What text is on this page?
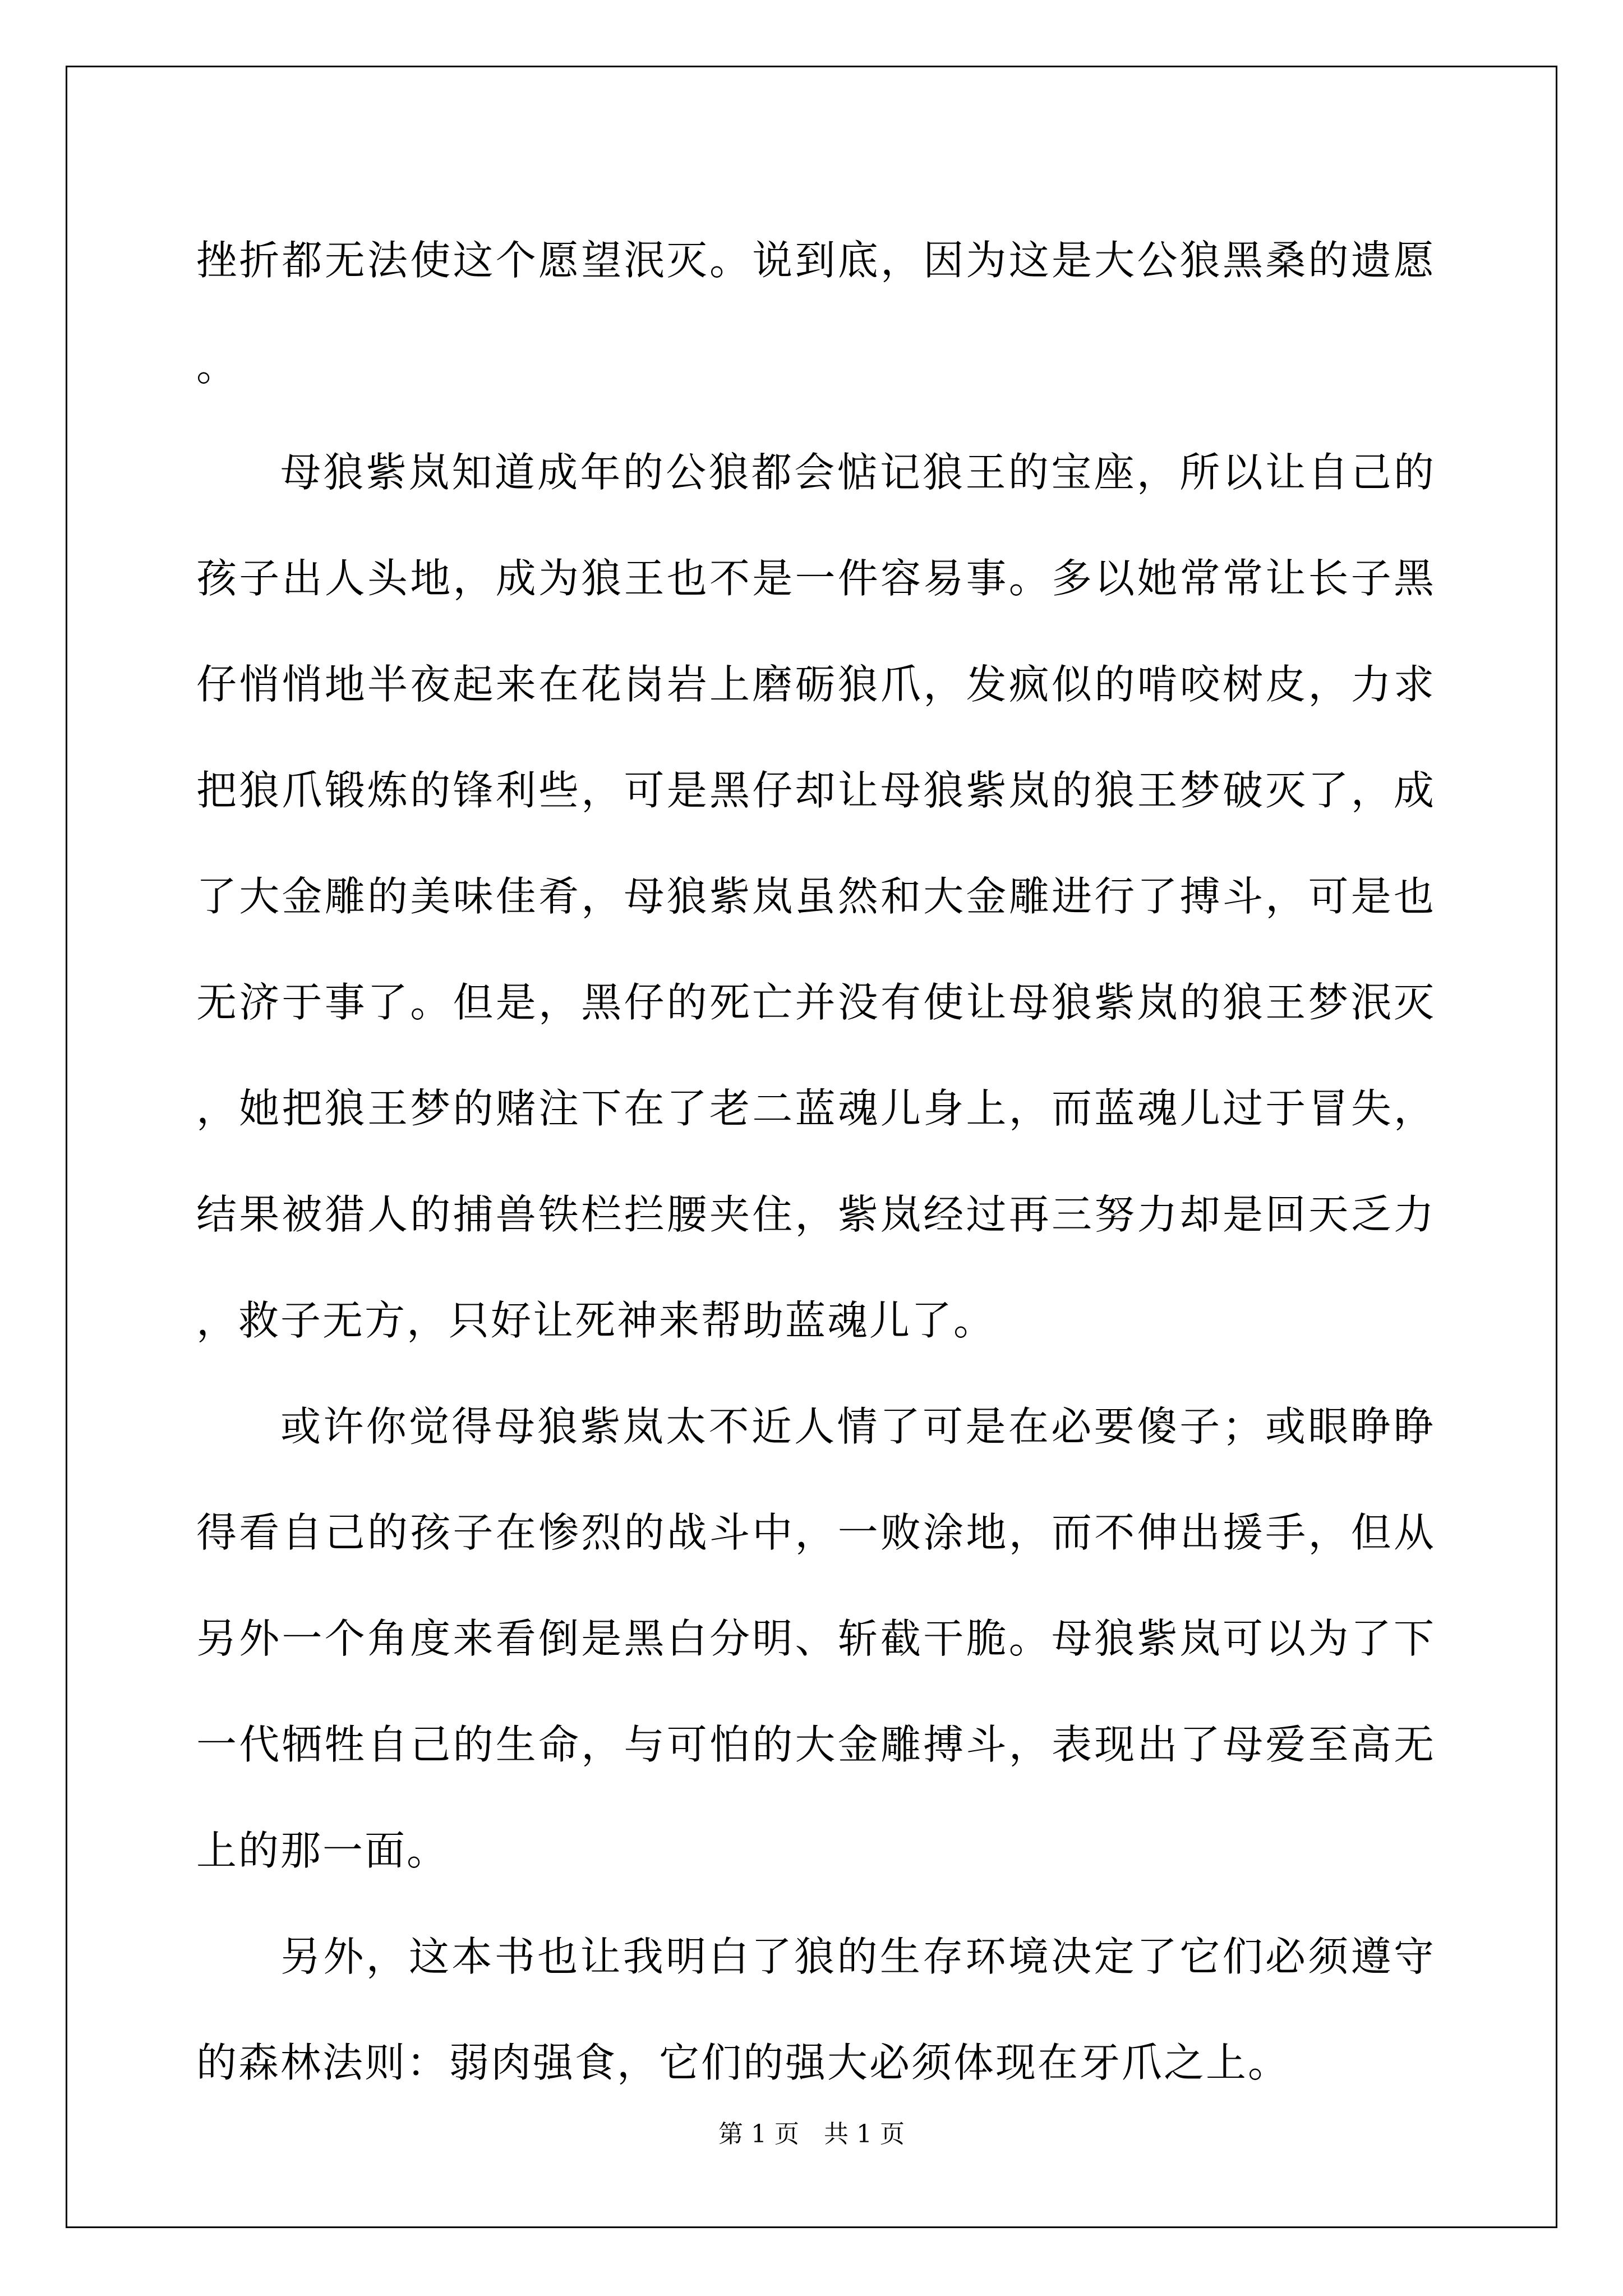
挫折都无法使这个愿望泯灭。说到底，因为这是大公狼黑桑的遗愿。

母狼紫岚知道成年的公狼都会惦记狼王的宝座，所以让自己的孩子出人头地，成为狼王也不是一件容易事。多以她常常让长子黑仔悄悄地半夜起来在花岗岩上磨砺狼爪，发疯似的啃咬树皮，力求把狼爪锻炼的锋利些，可是黑仔却让母狼紫岚的狼王梦破灭了，成了大金雕的美味佳肴，母狼紫岚虽然和大金雕进行了搏斗，可是也无济于事了。但是，黑仔的死亡并没有使让母狼紫岚的狼王梦泯灭，她把狼王梦的赌注下在了老二蓝魂儿身上，而蓝魂儿过于冒失，结果被猎人的捕兽铁栏拦腰夹住，紫岚经过再三努力却是回天乏力，救子无方，只好让死神来帮助蓝魂儿了。

或许你觉得母狼紫岚太不近人情了可是在必要傻子；或眼睁睁得看自己的孩子在惨烈的战斗中，一败涂地，而不伸出援手，但从另外一个角度来看倒是黑白分明、斩截干脆。母狼紫岚可以为了下一代牺牲自己的生命，与可怕的大金雕搏斗，表现出了母爱至高无上的那一面。

另外，这本书也让我明白了狼的生存环境决定了它们必须遵守的森林法则：弱肉强食，它们的强大必须体现在牙爪之上。

第 1 页　共 1 页
